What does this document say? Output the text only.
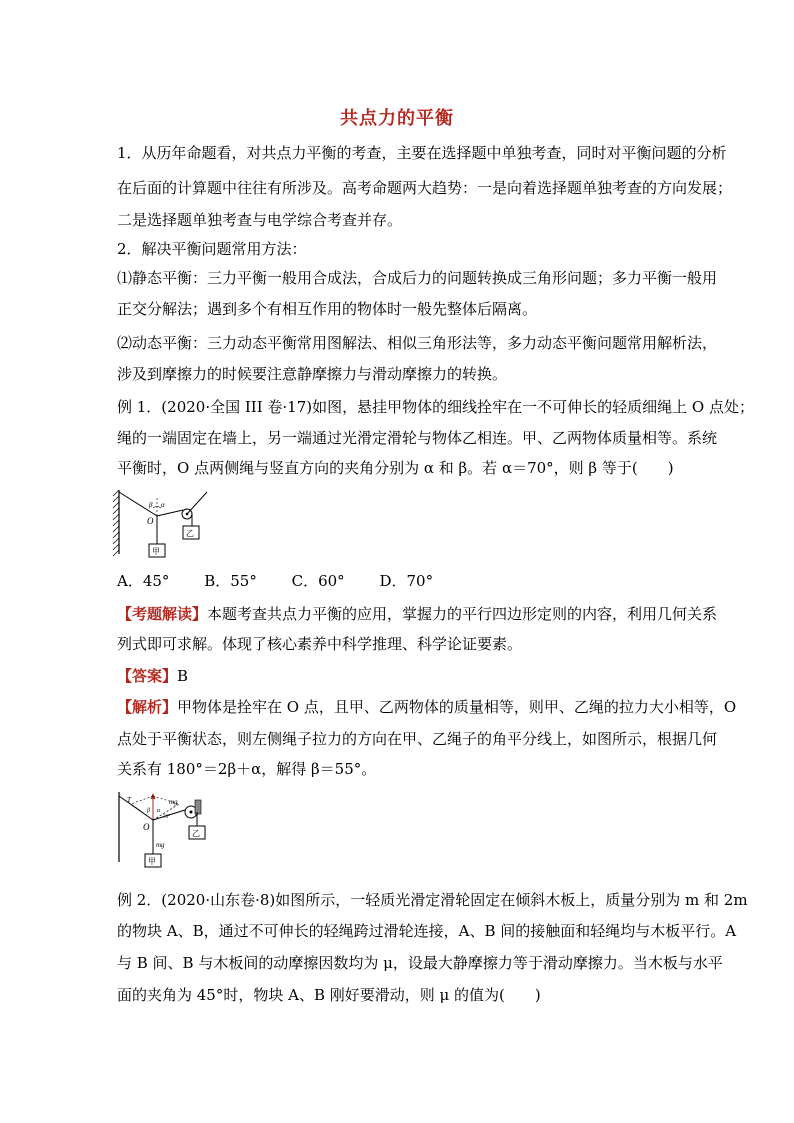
共点力的平衡
1．从历年命题看，对共点力平衡的考查，主要在选择题中单独考查，同时对平衡问题的分析
在后面的计算题中往往有所涉及。高考命题两大趋势：一是向着选择题单独考查的方向发展；
二是选择题单独考查与电学综合考查并存。
2．解决平衡问题常用方法：
⑴静态平衡：三力平衡一般用合成法，合成后力的问题转换成三角形问题；多力平衡一般用
正交分解法；遇到多个有相互作用的物体时一般先整体后隔离。
⑵动态平衡：三力动态平衡常用图解法、相似三角形法等，多力动态平衡问题常用解析法，
涉及到摩擦力的时候要注意静摩擦力与滑动摩擦力的转换。
例 1．(2020·全国 III 卷·17)如图，悬挂甲物体的细线拴牢在一不可伸长的轻质细绳上 O 点处；
绳的一端固定在墙上，另一端通过光滑定滑轮与物体乙相连。甲、乙两物体质量相等。系统
平衡时，O 点两侧绳与竖直方向的夹角分别为 α 和 β。若 α＝70°，则 β 等于(　　)
O
β α
甲
乙
A．45° B．55° C．60° D．70°
【考题解读】本题考查共点力平衡的应用，掌握力的平行四边形定则的内容，利用几何关系
列式即可求解。体现了核心素养中科学推理、科学论证要素。
【答案】B
【解析】甲物体是拴牢在 O 点，且甲、乙两物体的质量相等，则甲、乙绳的拉力大小相等，O
点处于平衡状态，则左侧绳子拉力的方向在甲、乙绳子的角平分线上，如图所示，根据几何
关系有 180°＝2β＋α，解得 β＝55°。
T	mg
β α
70°
O
mg
甲
乙
例 2．(2020·山东卷·8)如图所示，一轻质光滑定滑轮固定在倾斜木板上，质量分别为 m 和 2m
的物块 A、B，通过不可伸长的轻绳跨过滑轮连接，A、B 间的接触面和轻绳均与木板平行。A
与 B 间、B 与木板间的动摩擦因数均为 μ，设最大静摩擦力等于滑动摩擦力。当木板与水平
面的夹角为 45°时，物块 A、B 刚好要滑动，则 μ 的值为(　　)
